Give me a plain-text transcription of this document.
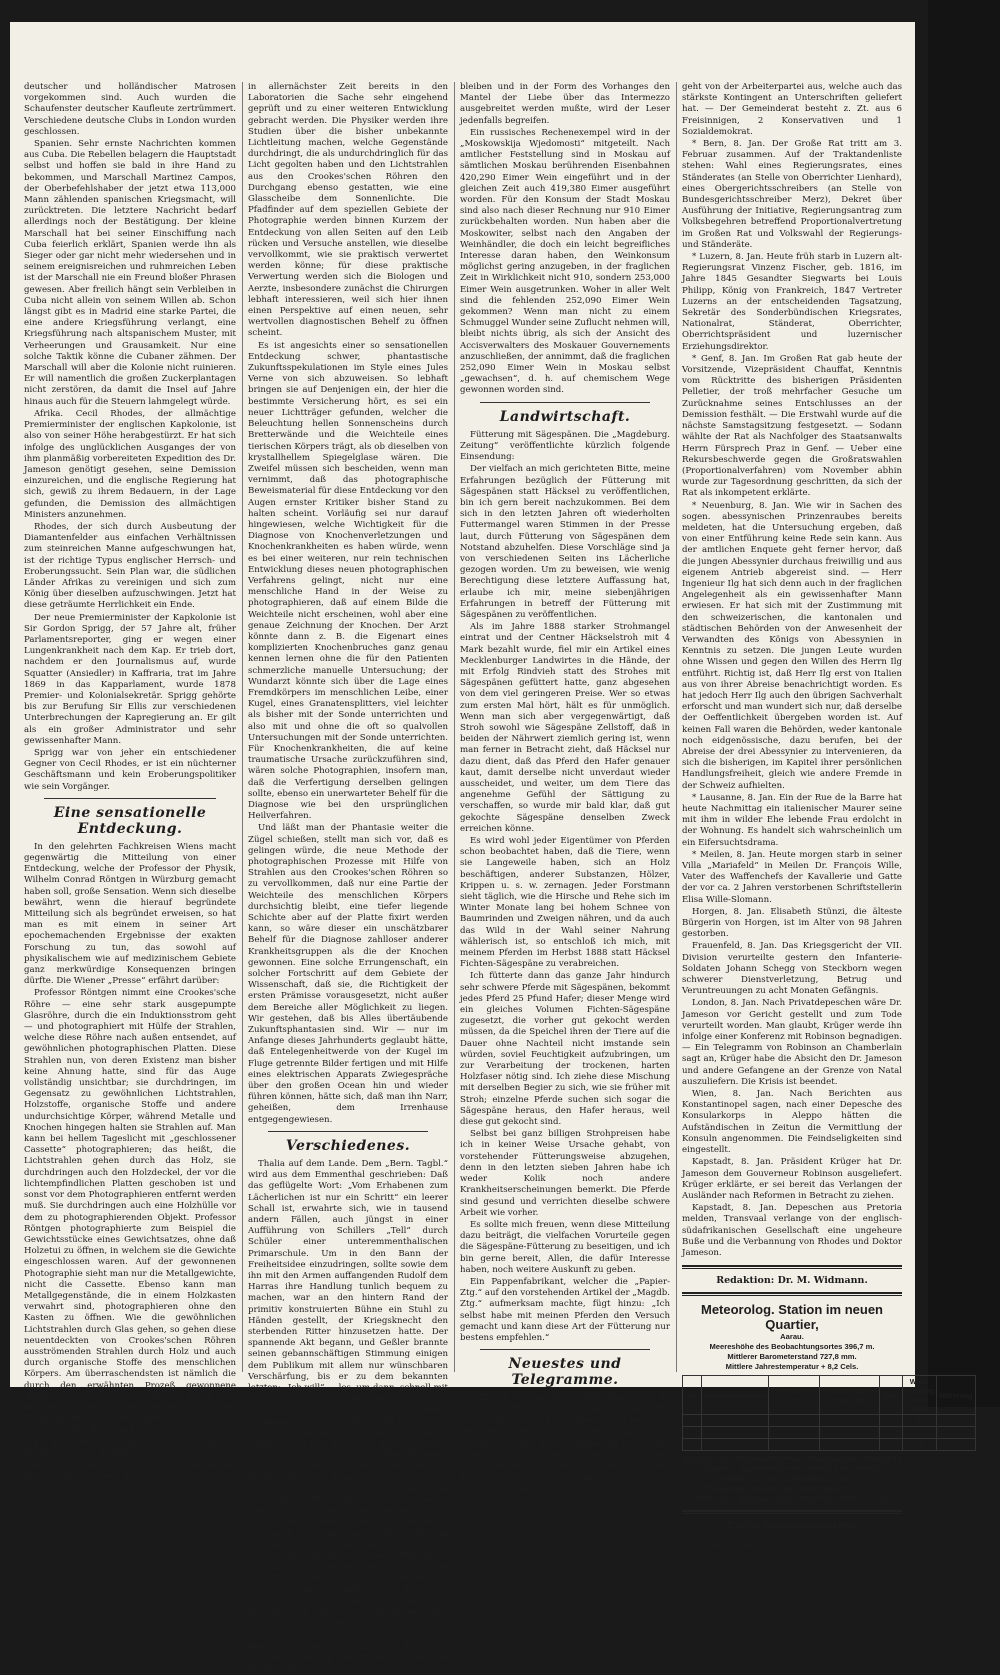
deutscher und holländischer Matrosen vorgekommen sind. Auch wurden die Schaufenster deutscher Kaufleute zertrümmert. Verschiedene deutsche Clubs in London wurden geschlossen.

Spanien. Sehr ernste Nachrichten kommen aus Cuba. Die Rebellen belagern die Hauptstadt selbst und hoffen sie bald in ihre Hand zu bekommen, und Marschall Martinez Campos, der Oberbefehlshaber der jetzt etwa 113,000 Mann zählenden spanischen Kriegsmacht, will zurücktreten. Die letztere Nachricht bedarf allerdings noch der Bestätigung. Der kleine Marschall hat bei seiner Einschiffung nach Cuba feierlich erklärt, Spanien werde ihn als Sieger oder gar nicht mehr wiedersehen und in seinem ereignisreichen und ruhmreichen Leben ist der Marschall nie ein Freund bloßer Phrasen gewesen. Aber freilich hängt sein Verbleiben in Cuba nicht allein von seinem Willen ab. Schon längst gibt es in Madrid eine starke Partei, die eine andere Kriegsführung verlangt, eine Kriegsführung nach altspanischem Muster, mit Verheerungen und Grausamkeit. Nur eine solche Taktik könne die Cubaner zähmen. Der Marschall will aber die Kolonie nicht ruinieren. Er will namentlich die großen Zuckerplantagen nicht zerstören, da damit die Insel auf Jahre hinaus auch für die Steuern lahmgelegt würde.

Afrika. Cecil Rhodes, der allmächtige Premierminister der englischen Kapkolonie, ist also von seiner Höhe herabgestürzt. Er hat sich infolge des unglücklichen Ausganges der von ihm planmäßig vorbereiteten Expedition des Dr. Jameson genötigt gesehen, seine Demission einzureichen, und die englische Regierung hat sich, gewiß zu ihrem Bedauern, in der Lage gefunden, die Demission des allmächtigen Ministers anzunehmen.

Rhodes, der sich durch Ausbeutung der Diamantenfelder aus einfachen Verhältnissen zum steinreichen Manne aufgeschwungen hat, ist der richtige Typus englischer Herrsch- und Eroberungssucht. Sein Plan war, die südlichen Länder Afrikas zu vereinigen und sich zum König über dieselben aufzuschwingen. Jetzt hat diese geträumte Herrlichkeit ein Ende.

Der neue Premierminister der Kapkolonie ist Sir Gordon Sprigg, der 57 Jahre alt, früher Parlamentsreporter, ging er wegen einer Lungenkrankheit nach dem Kap. Er trieb dort, nachdem er den Journalismus auf, wurde Squatter (Ansiedler) in Kaffraria, trat im Jahre 1869 in das Kapparlament, wurde 1878 Premier- und Kolonialsekretär. Sprigg gehörte bis zur Berufung Sir Ellis zur verschiedenen Unterbrechungen der Kapregierung an. Er gilt als ein großer Administrator und sehr gewissenhafter Mann.

Sprigg war von jeher ein entschiedener Gegner von Cecil Rhodes, er ist ein nüchterner Geschäftsmann und kein Eroberungspolitiker wie sein Vorgänger.

Eine sensationelle Entdeckung.

In den gelehrten Fachkreisen Wiens macht gegenwärtig die Mitteilung von einer Entdeckung, welche der Professor der Physik, Wilhelm Conrad Röntgen in Würzburg gemacht haben soll, große Sensation. Wenn sich dieselbe bewährt, wenn die hierauf begründete Mitteilung sich als begründet erweisen, so hat man es mit einem in seiner Art epochemachenden Ergebnisse der exakten Forschung zu tun, das sowohl auf physikalischem wie auf medizinischem Gebiete ganz merkwürdige Konsequenzen bringen dürfte. Die Wiener „Presse“ erfährt darüber:

Professor Röntgen nimmt eine Crookes'sche Röhre — eine sehr stark ausgepumpte Glasröhre, durch die ein Induktionsstrom geht — und photographiert mit Hülfe der Strahlen, welche diese Röhre nach außen entsendet, auf gewöhnlichen photographischen Platten. Diese Strahlen nun, von deren Existenz man bisher keine Ahnung hatte, sind für das Auge vollständig unsichtbar; sie durchdringen, im Gegensatz zu gewöhnlichen Lichtstrahlen, Holzstoffe, organische Stoffe und andere undurchsichtige Körper, während Metalle und Knochen hingegen halten sie Strahlen auf. Man kann bei hellem Tageslicht mit „geschlossener Cassette“ photographieren; das heißt, die Lichtstrahlen gehen durch das Holz, sie durchdringen auch den Holzdeckel, der vor die lichtempfindlichen Platten geschoben ist und sonst vor dem Photographieren entfernt werden muß. Sie durchdringen auch eine Holzhülle vor dem zu photographierenden Objekt. Professor Röntgen photographierte zum Beispiel die Gewichtsstücke eines Gewichtsatzes, ohne daß Holzetui zu öffnen, in welchem sie die Gewichte eingeschlossen waren. Auf der gewonnenen Photographie sieht man nur die Metallgewichte, nicht die Cassette. Ebenso kann man Metallgegenstände, die in einem Holzkasten verwahrt sind, photographieren ohne den Kasten zu öffnen. Wie die gewöhnlichen Lichtstrahlen durch Glas gehen, so gehen diese neuentdeckten von Crookes'schen Röhren ausströmenden Strahlen durch Holz und auch durch organische Stoffe des menschlichen Körpers. Am überraschendsten ist nämlich die durch den erwähnten Prozeß gewonnene Abbildung von einer menschlichen Hand. Das Bild enthält die Knochen der Hand, an dem Finger die Ringe frei zu schweben scheinen. Die Weichteile der Hand sind nicht sichtbar.

Einige Proben dieser sensationellen Entdeckung zirkulieren in Wiener Gelehrtenkreisen und erregen in denselben berechtigtes Staunen. Es wird wohl

in allernächster Zeit bereits in den Laboratorien die Sache sehr eingehend geprüft und zu einer weiteren Entwicklung gebracht werden. Die Physiker werden ihre Studien über die bisher unbekannte Lichtleitung machen, welche Gegenstände durchdringt, die als undurchdringlich für das Licht gegolten haben und den Lichtstrahlen aus den Crookes'schen Röhren den Durchgang ebenso gestatten, wie eine Glasscheibe dem Sonnenlichte. Die Pfadfinder auf dem speziellen Gebiete der Photographie werden binnen Kurzem der Entdeckung von allen Seiten auf den Leib rücken und Versuche anstellen, wie dieselbe vervollkommt, wie sie praktisch verwertet werden könne; für diese praktische Verwertung werden sich die Biologen und Aerzte, insbesondere zunächst die Chirurgen lebhaft interessieren, weil sich hier ihnen einen Perspektive auf einen neuen, sehr wertvollen diagnostischen Behelf zu öffnen scheint.

Es ist angesichts einer so sensationellen Entdeckung schwer, phantastische Zukunftsspekulationen im Style eines Jules Verne von sich abzuweisen. So lebhaft bringen sie auf Denjenigen ein, der hier die bestimmte Versicherung hört, es sei ein neuer Lichtträger gefunden, welcher die Beleuchtung hellen Sonnenscheins durch Bretterwände und die Weichteile eines tierischen Körpers trägt, als ob dieselben von krystallhellem Spiegelglase wären. Die Zweifel müssen sich bescheiden, wenn man vernimmt, daß das photographische Beweismaterial für diese Entdeckung vor den Augen ernster Kritiker bisher Stand zu halten scheint. Vorläufig sei nur darauf hingewiesen, welche Wichtigkeit für die Diagnose von Knochenverletzungen und Knochenkrankheiten es haben würde, wenn es bei einer weiteren, nur rein technischen Entwicklung dieses neuen photographischen Verfahrens gelingt, nicht nur eine menschliche Hand in der Weise zu photographieren, daß auf einem Bilde die Weichteile nicht erscheinen, wohl aber eine genaue Zeichnung der Knochen. Der Arzt könnte dann z. B. die Eigenart eines komplizierten Knochenbruches ganz genau kennen lernen ohne die für den Patienten schmerzliche manuelle Untersuchung; der Wundarzt könnte sich über die Lage eines Fremdkörpers im menschlichen Leibe, einer Kugel, eines Granatensplitters, viel leichter als bisher mit der Sonde unterrichten und also mit und ohne die oft so qualvollen Untersuchungen mit der Sonde unterrichten. Für Knochenkrankheiten, die auf keine traumatische Ursache zurückzuführen sind, wären solche Photographien, insofern man, daß die Verfertigung derselben gelingen sollte, ebenso ein unerwarteter Behelf für die Diagnose wie bei den ursprünglichen Heilverfahren.

Und läßt man der Phantasie weiter die Zügel schießen, stellt man sich vor, daß es gelingen würde, die neue Methode der photographischen Prozesse mit Hilfe von Strahlen aus den Crookes'schen Röhren so zu vervollkommen, daß nur eine Partie der Weichteile des menschlichen Körpers durchsichtig bleibt, eine tiefer liegende Schichte aber auf der Platte fixirt werden kann, so wäre dieser ein unschätzbarer Behelf für die Diagnose zahlloser anderer Krankheitsgruppen als die der Knochen gewonnen. Eine solche Errungenschaft, ein solcher Fortschritt auf dem Gebiete der Wissenschaft, daß sie, die Richtigkeit der ersten Prämisse vorausgesetzt, nicht außer dem Bereiche aller Möglichkeit zu liegen. Wir gestehen, daß bis Alles übertäubende Zukunftsphantasien sind. Wir — nur im Anfange dieses Jahrhunderts geglaubt hätte, daß Entelegenheitwerde von der Kugel im Fluge getrennte Bilder fertigen und mit Hilfe eines elektrischen Apparats Zwiegespräche über den großen Ocean hin und wieder führen können, hätte sich, daß man ihn Narr, geheißen, dem Irrenhause entgegengewiesen.

Verschiedenes.

Thalia auf dem Lande. Dem „Bern. Tagbl.“ wird aus dem Emmenthal geschrieben: Daß das geflügelte Wort: „Vom Erhabenen zum Lächerlichen ist nur ein Schritt“ ein leerer Schall ist, erwahrte sich, wie in tausend andern Fällen, auch jüngst in einer Aufführung von Schillers „Tell“ durch Schüler einer unteremmenthalischen Primarschule. Um in den Bann der Freiheitsidee einzudringen, sollte sowie dem ihn mit den Armen auffangenden Rudolf dem Harras ihre Handlung tunlich bequem zu machen, war an den hintern Rand der primitiv konstruierten Bühne ein Stuhl zu Händen gestellt, der Kriegsknecht den sterbenden Ritter hinzusetzen hatte. Der spannende Akt begann, und Geßler brannte seinen gebannschäftigen Stimmung einigen dem Publikum mit allem nur wünschbaren Verschärfung, bis er zu dem bekannten letzten: „Ich will“ — los, um dann, schnell mit der Hand nach der Herzgegend fahrend, unter Mithülfe des Dieners zusammenbrechen auf den Stuhl zu geraten. Aber — heiliger Strohhalm! — dieser, allzunahe an den Rand der Bühne gestellt, rutschte infolge des durch Geßler erlittenen Stoßes noch mehr rückwärts und über den Bretterboden hinaus, was zur unvermeidlichen Folge hatte, daß seine landvögtliche Exzellenz samt dem getreuen Diener und dem mitfolgenden Stuhl blitzschnell hinter die aufgehängten Leinwand und mit ganz fürchterlichem Gepolter von der idealen Welt der Bretter in die rauhe Wirklichkeit des Fußbodens hinabkollerten, ohne indessen, mit Ausnahme des Stuhles, der von der programmwidrigen Störung einen komplizierten Beinbruch davontrug, von der unfreiwilligen Erniedrigung irgend welchen körperlichen Schaden davonzutragen.

Daß nach einem solchen Zwischenakt die Beendigung des Schlußaktes mit Rücksicht auf die Stimmung des Publikums wie der Spieler unter-

bleiben und in der Form des Vorhanges den Mantel der Liebe über das Intermezzo ausgebreitet werden mußte, wird der Leser jedenfalls begreifen.

Ein russisches Rechenexempel wird in der „Moskowskija Wjedomosti“ mitgeteilt. Nach amtlicher Feststellung sind in Moskau auf sämtlichen Moskau berührenden Eisenbahnen 420,290 Eimer Wein eingeführt und in der gleichen Zeit auch 419,380 Eimer ausgeführt worden. Für den Konsum der Stadt Moskau sind also nach dieser Rechnung nur 910 Eimer zurückbehalten worden. Nun haben aber die Moskowiter, selbst nach den Angaben der Weinhändler, die doch ein leicht begreifliches Interesse daran haben, den Weinkonsum möglichst gering anzugeben, in der fraglichen Zeit in Wirklichkeit nicht 910, sondern 253,000 Eimer Wein ausgetrunken. Woher in aller Welt sind die fehlenden 252,090 Eimer Wein gekommen? Wenn man nicht zu einem Schmuggel Wunder seine Zuflucht nehmen will, bleibt nichts übrig, als sich der Ansicht des Accisverwalters des Moskauer Gouvernements anzuschließen, der annimmt, daß die fraglichen 252,090 Eimer Wein in Moskau selbst „gewachsen“, d. h. auf chemischem Wege gewonnen worden sind.

Landwirtschaft.

Fütterung mit Sägespänen. Die „Magdeburg. Zeitung“ veröffentlichte kürzlich folgende Einsendung:

Der vielfach an mich gerichteten Bitte, meine Erfahrungen bezüglich der Fütterung mit Sägespänen statt Häcksel zu veröffentlichen, bin ich gern bereit nachzukommen. Bei dem sich in den letzten Jahren oft wiederholten Futtermangel waren Stimmen in der Presse laut, durch Fütterung von Sägespänen dem Notstand abzuhelfen. Diese Vorschläge sind ja von verschiedenen Seiten ins Lächerliche gezogen worden. Um zu beweisen, wie wenig Berechtigung diese letztere Auffassung hat, erlaube ich mir, meine siebenjährigen Erfahrungen in betreff der Fütterung mit Sägespänen zu veröffentlichen.

Als im Jahre 1888 starker Strohmangel eintrat und der Centner Häckselstroh mit 4 Mark bezahlt wurde, fiel mir ein Artikel eines Mecklenburger Landwirtes in die Hände, der mit Erfolg Rindvieh statt des Strohes mit Sägespänen gefüttert hatte, ganz abgesehen von dem viel geringeren Preise. Wer so etwas zum ersten Mal hört, hält es für unmöglich. Wenn man sich aber vergegenwärtigt, daß Stroh sowohl wie Sägespäne Zellstoff, daß in beiden der Nährwert ziemlich gering ist, wenn man ferner in Betracht zieht, daß Häcksel nur dazu dient, daß das Pferd den Hafer genauer kaut, damit derselbe nicht unverdaut wieder ausscheidet, und weiter, um dem Tiere das angenehme Gefühl der Sättigung zu verschaffen, so wurde mir bald klar, daß gut gekochte Sägespäne denselben Zweck erreichen könne.

Es wird wohl jeder Eigentümer von Pferden schon beobachtet haben, daß die Tiere, wenn sie Langeweile haben, sich an Holz beschäftigen, anderer Substanzen, Hölzer, Krippen u. s. w. zernagen. Jeder Forstmann sieht täglich, wie die Hirsche und Rehe sich im Winter Monate lang bei hohem Schnee von Baumrinden und Zweigen nähren, und da auch das Wild in der Wahl seiner Nahrung wählerisch ist, so entschloß ich mich, mit meinem Pferden im Herbst 1888 statt Häcksel Fichten-Sägespäne zu verabreichen.

Ich fütterte dann das ganze Jahr hindurch sehr schwere Pferde mit Sägespänen, bekommt jedes Pferd 25 Pfund Hafer; dieser Menge wird ein gleiches Volumen Fichten-Sägespäne zugesetzt, die vorher gut gekocht werden müssen, da die Speichel ihren der Tiere auf die Dauer ohne Nachteil nicht imstande sein würden, soviel Feuchtigkeit aufzubringen, um zur Verarbeitung der trockenen, harten Holzfaser nötig sind. Ich ziehe diese Mischung mit derselben Begier zu sich, wie sie früher mit Stroh; einzelne Pferde suchen sich sogar die Sägespäne heraus, den Hafer heraus, weil diese gut gekocht sind.

Selbst bei ganz billigen Strohpreisen habe ich in keiner Weise Ursache gehabt, von vorstehender Fütterungsweise abzugehen, denn in den letzten sieben Jahren habe ich weder Kolik noch andere Krankheitserscheinungen bemerkt. Die Pferde sind gesund und verrichten dieselbe schwere Arbeit wie vorher.

Es sollte mich freuen, wenn diese Mitteilung dazu beiträgt, die vielfachen Vorurteile gegen die Sägespäne-Fütterung zu beseitigen, und ich bin gerne bereit, Allen, die dafür Interesse haben, noch weitere Auskunft zu geben.

Ein Pappenfabrikant, welcher die „Papier-Ztg.“ auf den vorstehenden Artikel der „Magdb. Ztg.“ aufmerksam machte, fügt hinzu: „Ich selbst habe mit meinen Pferden den Versuch gemacht und kann diese Art der Fütterung nur bestens empfehlen.“

Neuestes und Telegramme.

* Zürich, 8. Jan. Die Uetlibergbahn hat im Jahre 1895 Fr. 97,143 vereinnahmt, gegen Fr. 92,707 im Vorjahr. Es wurden 70,794 Personen befördert, gegen 67,741 im Jahre 1894.

* Bern, 8. Jan. Der Stadtkanzlei ist ein mit über 1000 Unterschriften versehenes Initiativbegehren um Einführung der Proportionalvertretung im Gemeinderat zugegangen. Die Initiative

geht von der Arbeiterpartei aus, welche auch das stärkste Kontingent an Unterschriften geliefert hat. — Der Gemeinderat besteht z. Zt. aus 6 Freisinnigen, 2 Konservativen und 1 Sozialdemokrat.

* Bern, 8. Jan. Der Große Rat tritt am 3. Februar zusammen. Auf der Traktandenliste stehen: Wahl eines Regierungsrates, eines Ständerates (an Stelle von Oberrichter Lienhard), eines Obergerichtsschreibers (an Stelle von Bundesgerichtsschreiber Merz), Dekret über Ausführung der Initiative, Regierungsantrag zum Volksbegehren betreffend Proportionalvertretung im Großen Rat und Volkswahl der Regierungs- und Ständeräte.

* Luzern, 8. Jan. Heute früh starb in Luzern alt-Regierungsrat Vinzenz Fischer, geb. 1816, im Jahre 1845 Gesandter Siegwarts bei Louis Philipp, König von Frankreich, 1847 Vertreter Luzerns an der entscheidenden Tagsatzung, Sekretär des Sonderbündischen Kriegsrates, Nationalrat, Ständerat, Oberrichter, Oberrichtspräsident und luzernischer Erziehungsdirektor.

* Genf, 8. Jan. Im Großen Rat gab heute der Vorsitzende, Vizepräsident Chauffat, Kenntnis vom Rücktritte des bisherigen Präsidenten Pelletier, der troß mehrfacher Gesuche um Zurücknahme seines Entschlusses an der Demission festhält. — Die Erstwahl wurde auf die nächste Samstagsitzung festgesetzt. — Sodann wählte der Rat als Nachfolger des Staatsanwalts Herrn Fürsprech Praz in Genf. — Ueber eine Rekursbeschwerde gegen die Großratswahlen (Proportionalverfahren) vom November abhin wurde zur Tagesordnung geschritten, da sich der Rat als inkompetent erklärte.

* Neuenburg, 8. Jan. Wie wir in Sachen des sogen. abessynischen Prinzenraubes bereits meldeten, hat die Untersuchung ergeben, daß von einer Entführung keine Rede sein kann. Aus der amtlichen Enquete geht ferner hervor, daß die jungen Abessynier durchaus freiwillig und aus eigenem Antrieb abgereist sind. — Herr Ingenieur Ilg hat sich denn auch in der fraglichen Angelegenheit als ein gewissenhafter Mann erwiesen. Er hat sich mit der Zustimmung mit den schweizerischen, die kantonalen und städtischen Behörden von der Anwesenheit der Verwandten des Königs von Abessynien in Kenntnis zu setzen. Die jungen Leute wurden ohne Wissen und gegen den Willen des Herrn Ilg entführt. Richtig ist, daß Herr Ilg erst von Italien aus von ihrer Abreise benachrichtigt worden. Es hat jedoch Herr Ilg auch den übrigen Sachverhalt erforscht und man wundert sich nur, daß derselbe der Oeffentlichkeit übergeben worden ist. Auf keinen Fall waren die Behörden, weder kantonale noch eidgenössische, dazu berufen, bei der Abreise der drei Abessynier zu intervenieren, da sich die bisherigen, im Kapitel ihrer persönlichen Handlungsfreiheit, gleich wie andere Fremde in der Schweiz aufhielten.

* Lausanne, 8. Jan. Ein der Rue de la Barre hat heute Nachmittag ein italienischer Maurer seine mit ihm in wilder Ehe lebende Frau erdolcht in der Wohnung. Es handelt sich wahrscheinlich um ein Eifersuchtsdrama.

* Meilen, 8. Jan. Heute morgen starb in seiner Villa „Mariafeld“ in Meilen Dr. François Wille, Vater des Waffenchefs der Kavallerie und Gatte der vor ca. 2 Jahren verstorbenen Schriftstellerin Elisa Wille-Slomann.

Horgen, 8. Jan. Elisabeth Stünzi, die älteste Bürgerin von Horgen, ist im Alter von 98 Jahren gestorben.

Frauenfeld, 8. Jan. Das Kriegsgericht der VII. Division verurteilte gestern den Infanterie-Soldaten Johann Schegg von Steckborn wegen schwerer Dienstverletzung, Betrug und Veruntreuungen zu acht Monaten Gefängnis.

London, 8. Jan. Nach Privatdepeschen wäre Dr. Jameson vor Gericht gestellt und zum Tode verurteilt worden. Man glaubt, Krüger werde ihn infolge einer Konferenz mit Robinson begnadigen. — Ein Telegramm von Robinson an Chamberlain sagt an, Krüger habe die Absicht den Dr. Jameson und andere Gefangene an der Grenze von Natal auszuliefern. Die Krisis ist beendet.

Wien, 8. Jan. Nach Berichten aus Konstantinopel sagen, nach einer Depesche des Konsularkorps in Aleppo hätten die Aufständischen in Zeitun die Vermittlung der Konsuln angenommen. Die Feindseligkeiten sind eingestellt.

Kapstadt, 8. Jan. Präsident Krüger hat Dr. Jameson dem Gouverneur Robinson ausgeliefert. Krüger erklärte, er sei bereit das Verlangen der Ausländer nach Reformen in Betracht zu ziehen.

Kapstadt, 8. Jan. Depeschen aus Pretoria melden, Transvaal verlange von der englisch-südafrikanischen Gesellschaft eine ungeheure Buße und die Verbannung von Rhodes und Doktor Jameson.

Redaktion: Dr. M. Widmann.
Meteorolog. Station im neuen Quartier,
Aarau.
Meereshöhe des Beobachtungsortes 396,7 m.
Mittlerer Barometerstand 727,8 mm.
Mittlere Jahrestemperatur + 8,2 Cels.
Jan.	Beobachtungszeit	Thermometer Celsius	Barometerstand in mm. Abs.	Red.	Wind-richtung und Stärke	Witterung
8.	Nm. 1 Uhr 30	1,5	731,8	774,4	E	bed.
8.	Nm. 7 Uhr 30	1,9	734,8	774,9	E	bw.
9.	Mrg. 7 Uhr 30	—3,7	735,3	772,3	NE	bw.
Extreme der selbstregistrierenden Thermometer während 24 Stunden, abgelesen gestern Abend 9 Uhr 30 Min.
Minimum —0,0 °C. Maximum — 2,0 °C.
Temperatur-Minimum der letzten Nacht — 3,8 °C.
Niederschl., gemessen heute früh 7 Uhr 30 Min. — mm.
Zürcher Witterungsaussichten
vom 9. Januar 1896.
Bei mässigem Frost trocken, jedoch meist neblig.
